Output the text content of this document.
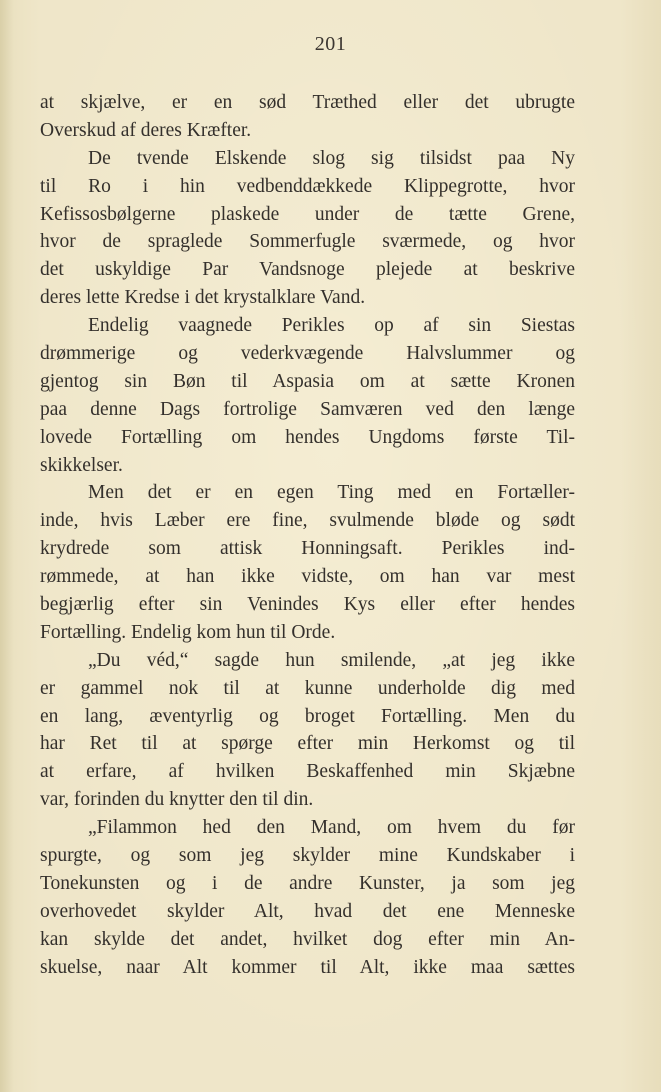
201
at skjælve, er en sød Træthed eller det ubrugte
Overskud af deres Kræfter.
De tvende Elskende slog sig tilsidst paa Ny
til Ro i hin vedbenddækkede Klippegrotte, hvor
Kefissosbølgerne plaskede under de tætte Grene,
hvor de spraglede Sommerfugle sværmede, og hvor
det uskyldige Par Vandsnoge plejede at beskrive
deres lette Kredse i det krystalklare Vand.
Endelig vaagnede Perikles op af sin Siestas
drømmerige og vederkvægende Halvslummer og
gjentog sin Bøn til Aspasia om at sætte Kronen
paa denne Dags fortrolige Samværen ved den længe
lovede Fortælling om hendes Ungdoms første Til-
skikkelser.
Men det er en egen Ting med en Fortæller-
inde, hvis Læber ere fine, svulmende bløde og sødt
krydrede som attisk Honningsaft. Perikles ind-
rømmede, at han ikke vidste, om han var mest
begjærlig efter sin Venindes Kys eller efter hendes
Fortælling. Endelig kom hun til Orde.
„Du véd,“ sagde hun smilende, „at jeg ikke
er gammel nok til at kunne underholde dig med
en lang, æventyrlig og broget Fortælling. Men du
har Ret til at spørge efter min Herkomst og til
at erfare, af hvilken Beskaffenhed min Skjæbne
var, forinden du knytter den til din.
„Filammon hed den Mand, om hvem du før
spurgte, og som jeg skylder mine Kundskaber i
Tonekunsten og i de andre Kunster, ja som jeg
overhovedet skylder Alt, hvad det ene Menneske
kan skylde det andet, hvilket dog efter min An-
skuelse, naar Alt kommer til Alt, ikke maa sættes
